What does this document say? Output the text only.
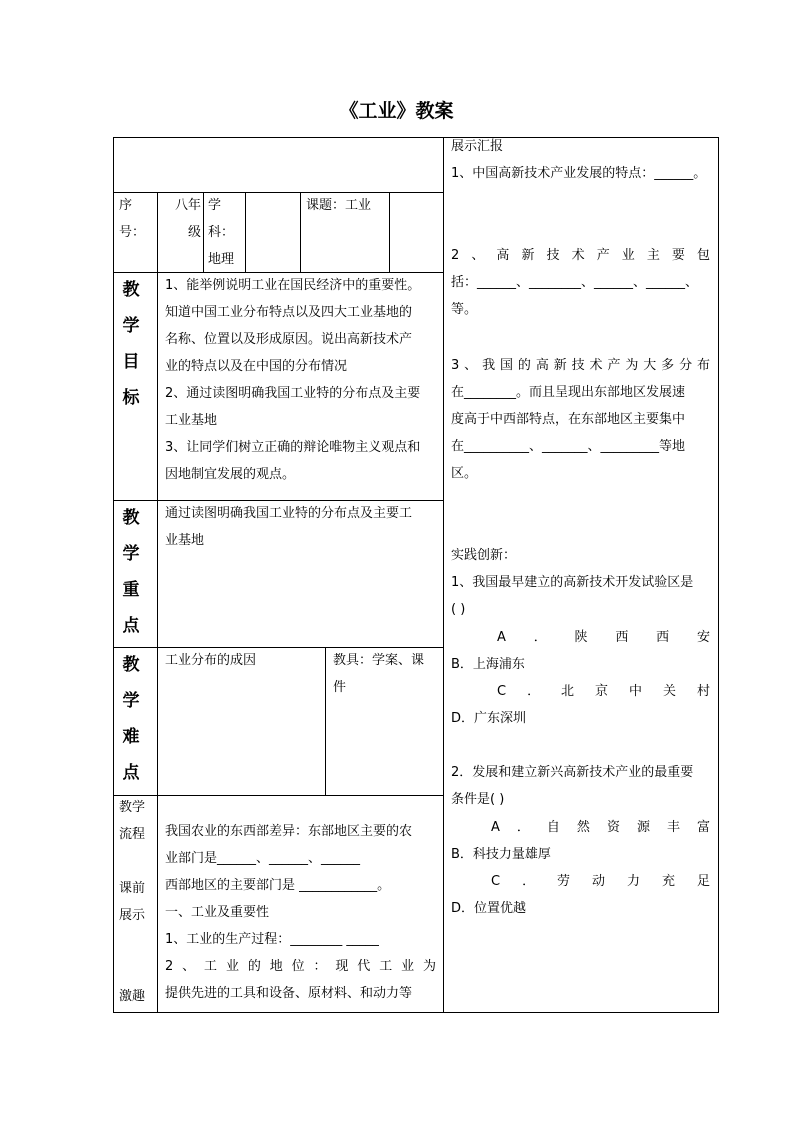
《工业》教案
序号：
八年级
学科：地理
课题：工业
教学目标
1、能举例说明工业在国民经济中的重要性。
知道中国工业分布特点以及四大工业基地的
名称、位置以及形成原因。说出高新技术产
业的特点以及在中国的分布情况
2、通过读图明确我国工业特的分布点及主要
工业基地
3、让同学们树立正确的辩论唯物主义观点和
因地制宜发展的观点。
教学重点
通过读图明确我国工业特的分布点及主要工
业基地
教学难点
工业分布的成因	教具：学案、课
件
教学
流程
课前
展示
激趣
我国农业的东西部差异：东部地区主要的农
业部门是______、______、______
西部地区的主要部门是 ____________。
一、工业及重要性
1、工业的生产过程：________ _____
2、工业的地位：现代工业为
提供先进的工具和设备、原材料、和动力等
展示汇报
1、中国高新技术产业发展的特点：______。
2、高新技术产业主要包
括：______、________、______、______、
等。
3、我国的高新技术产为大多分布
在________。而且呈现出东部地区发展速
度高于中西部特点，在东部地区主要集中
在__________、_______、_________等地
区。
实践创新：
1、我国最早建立的高新技术开发试验区是
( )
A．陕西西安
B．上海浦东
C．北京中关村
D．广东深圳
2．发展和建立新兴高新技术产业的最重要
条件是( )
A．自然资源丰富
B．科技力量雄厚
C．劳动力充足
D．位置优越
